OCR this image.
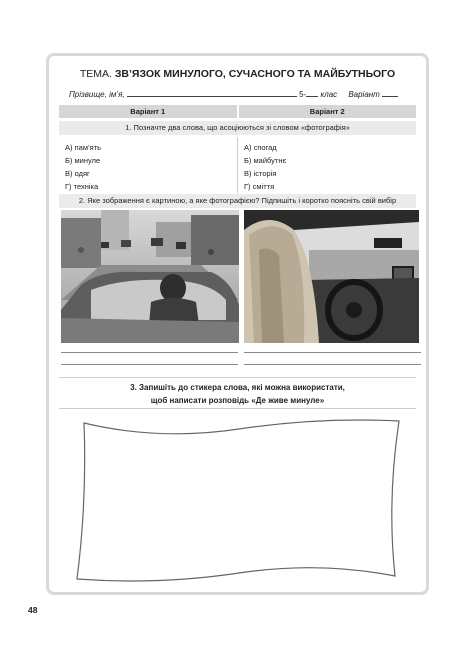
ТЕМА. ЗВ’ЯЗОК МИНУЛОГО, СУЧАСНОГО ТА МАЙБУТНЬОГО
Прізвище, ім’я ,
	5-
клас
Варіант

Варіант 1	Варіант 2
1. Позначте два слова, що асоціюються зі словом «фотографія»
А) пам’ять
Б) минуле
В) одяг
Г) техніка
А) спогад
Б) майбутнє
В) історія
Г) сміття
2. Яке зображення є картиною, а яке фотографією? Підпишіть і коротко поясніть свій вибір
3. Запишіть до стикера слова, які можна використати,
щоб написати розповідь «Де живе минуле»
48
